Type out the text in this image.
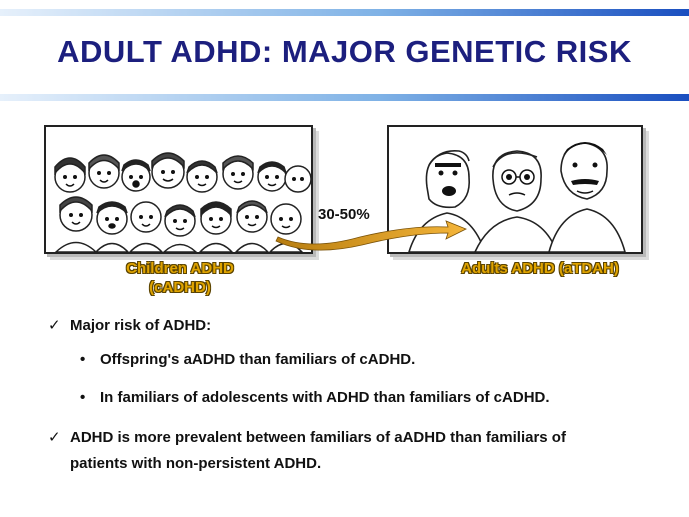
ADULT ADHD: MAJOR GENETIC RISK
30-50%
Children ADHD
(cADHD)
Adults ADHD (aTDAH)
✓ Major risk of ADHD:
• Offspring's aADHD than familiars of cADHD.
• In familiars of adolescents with ADHD than familiars of cADHD.
✓ ADHD is more prevalent between familiars of aADHD than familiars of
patients with non-persistent ADHD.
